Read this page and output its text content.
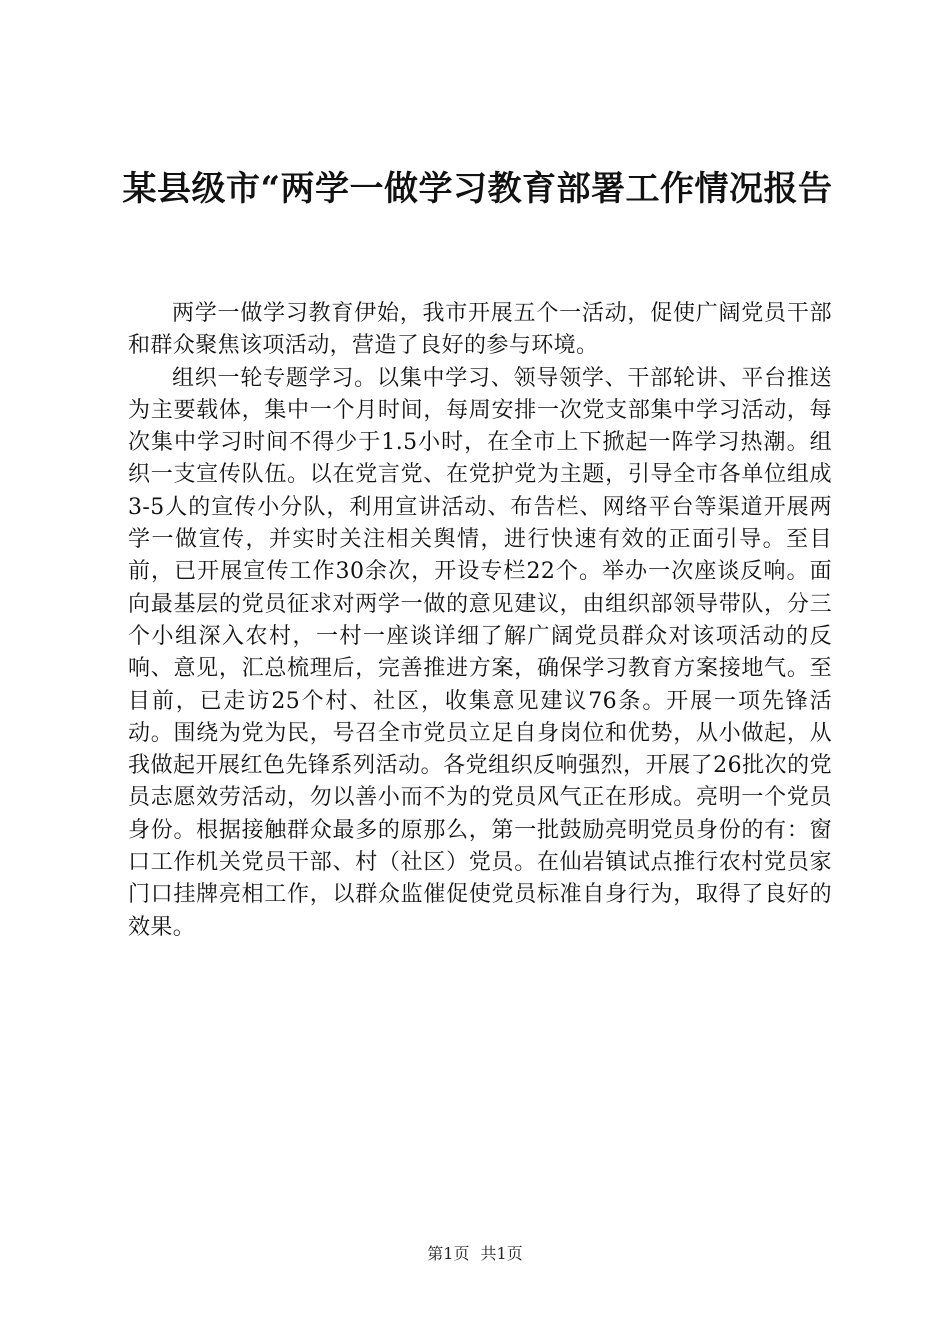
某县级市“两学一做学习教育部署工作情况报告

两学一做学习教育伊始，我市开展五个一活动，促使广阔党员干部和群众聚焦该项活动，营造了良好的参与环境。

组织一轮专题学习。以集中学习、领导领学、干部轮讲、平台推送为主要载体，集中一个月时间，每周安排一次党支部集中学习活动，每次集中学习时间不得少于1.5小时，在全市上下掀起一阵学习热潮。组织一支宣传队伍。以在党言党、在党护党为主题，引导全市各单位组成3-5人的宣传小分队，利用宣讲活动、布告栏、网络平台等渠道开展两学一做宣传，并实时关注相关舆情，进行快速有效的正面引导。至目前，已开展宣传工作30余次，开设专栏22个。举办一次座谈反响。面向最基层的党员征求对两学一做的意见建议，由组织部领导带队，分三个小组深入农村，一村一座谈详细了解广阔党员群众对该项活动的反响、意见，汇总梳理后，完善推进方案，确保学习教育方案接地气。至目前，已走访25个村、社区，收集意见建议76条。开展一项先锋活动。围绕为党为民，号召全市党员立足自身岗位和优势，从小做起，从我做起开展红色先锋系列活动。各党组织反响强烈，开展了26批次的党员志愿效劳活动，勿以善小而不为的党员风气正在形成。亮明一个党员身份。根据接触群众最多的原那么，第一批鼓励亮明党员身份的有：窗口工作机关党员干部、村（社区）党员。在仙岩镇试点推行农村党员家门口挂牌亮相工作，以群众监催促使党员标准自身行为，取得了良好的效果。

第1页 共1页
